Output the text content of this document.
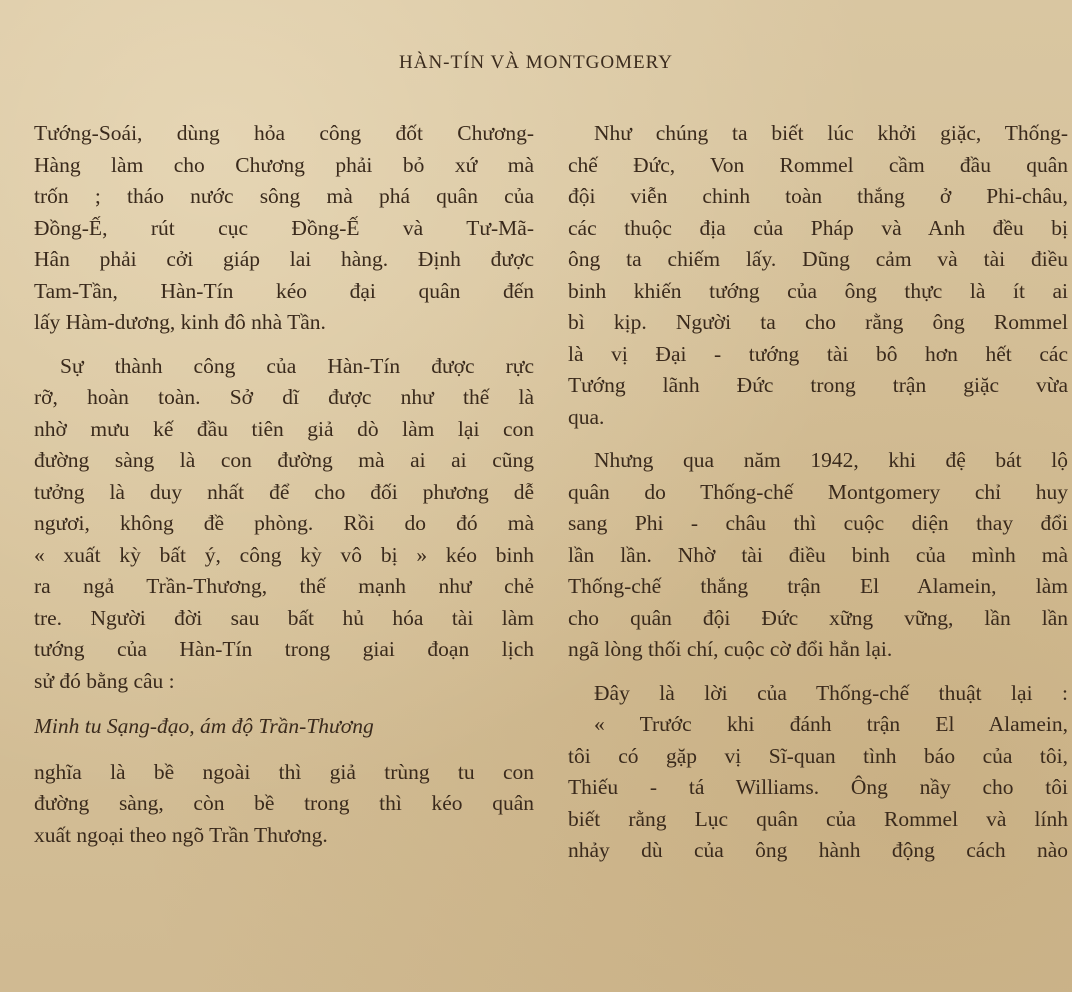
HÀN-TÍN VÀ MONTGOMERY
Tướng-Soái, dùng hỏa công đốt Chương-
Hàng làm cho Chương phải bỏ xứ mà
trốn ; tháo nước sông mà phá quân của
Đồng-Ế, rút cục Đồng-Ế và Tư-Mã-
Hân phải cởi giáp lai hàng. Định được
Tam-Tần, Hàn-Tín kéo đại quân đến
lấy Hàm-dương, kinh đô nhà Tần.
Sự thành công của Hàn-Tín được rực
rỡ, hoàn toàn. Sở dĩ được như thế là
nhờ mưu kế đầu tiên giả dò làm lại con
đường sàng là con đường mà ai ai cũng
tưởng là duy nhất để cho đối phương dễ
ngươi, không đề phòng. Rồi do đó mà
« xuất kỳ bất ý, công kỳ vô bị » kéo binh
ra ngả Trần-Thương, thế mạnh như chẻ
tre. Người đời sau bất hủ hóa tài làm
tướng của Hàn-Tín trong giai đoạn lịch
sử đó bằng câu :
Minh tu Sạng-đạo, ám độ Trần-Thương
nghĩa là bề ngoài thì giả trùng tu con
đường sàng, còn bề trong thì kéo quân
xuất ngoại theo ngõ Trần Thương.
Như chúng ta biết lúc khởi giặc, Thống-
chế Đức, Von Rommel cầm đầu quân
đội viễn chinh toàn thắng ở Phi-châu,
các thuộc địa của Pháp và Anh đều bị
ông ta chiếm lấy. Dũng cảm và tài điều
binh khiến tướng của ông thực là ít ai
bì kịp. Người ta cho rằng ông Rommel
là vị Đại - tướng tài bô hơn hết các
Tướng lãnh Đức trong trận giặc vừa
qua.
Nhưng qua năm 1942, khi đệ bát lộ
quân do Thống-chế Montgomery chỉ huy
sang Phi - châu thì cuộc diện thay đổi
lần lần. Nhờ tài điều binh của mình mà
Thống-chế thắng trận El Alamein, làm
cho quân đội Đức xững vững, lần lần
ngã lòng thối chí, cuộc cờ đổi hẳn lại.
Đây là lời của Thống-chế thuật lại :
« Trước khi đánh trận El Alamein,
tôi có gặp vị Sĩ-quan tình báo của tôi,
Thiếu - tá Williams. Ông nầy cho tôi
biết rằng Lục quân của Rommel và lính
nhảy dù của ông hành động cách nào
